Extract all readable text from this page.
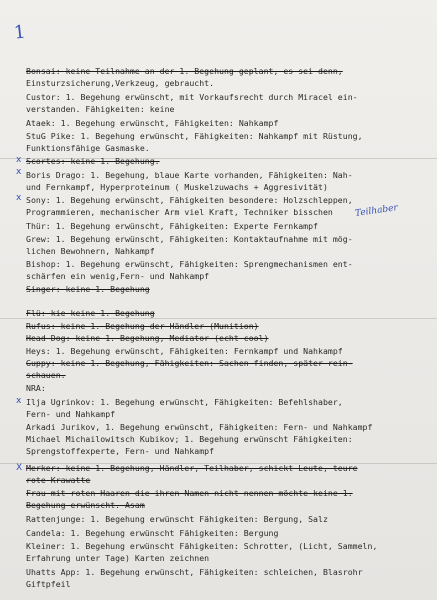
1
Teilhaber
x
x
x
x
X
Bonsai: keine Teilnahme an der 1. Begehung geplant, es sei denn,
Einsturzsicherung,Verkzeug, gebraucht.
Custor: 1. Begehung erwünscht, mit Vorkaufsrecht durch Miracel ein-
verstanden. Fähigkeiten: keine
Ataek: 1. Begehung erwünscht, Fähigkeiten: Nahkampf
StuG Pike: 1. Begehung erwünscht, Fähigkeiten: Nahkampf mit Rüstung,
Funktionsfähige Gasmaske.
Scortes: keine 1. Begehung.
Boris Drago: 1. Begehung, blaue Karte vorhanden, Fähigkeiten: Nah-
und Fernkampf, Hyperproteinum ( Muskelzuwachs + Aggresivität)
Sony: 1. Begehung erwünscht, Fähigkeiten besondere: Holzschleppen,
Programmieren, mechanischer Arm viel Kraft, Techniker bisschen
Thür: 1. Begehung erwünscht, Fähigkeiten: Experte Fernkampf
Grew: 1. Begehung erwünscht, Fähigkeiten: Kontaktaufnahme mit mög-
lichen Bewohnern, Nahkampf
Bishop: 1. Begehung erwünscht, Fähigkeiten: Sprengmechanismen ent-
schärfen ein wenig,Fern- und Nahkampf
Singer: keine 1. Begehung
Flü: kie keine 1. Begehung
Rufus: keine 1. Begehung der Händler (Munition)
Head Dog: keine 1. Begehung, Mediator (echt cool)
Heys: 1. Begehung erwünscht, Fähigkeiten: Fernkampf und Nahkampf
Guppy: keine 1. Begehung, Fähigkeiten: Sachen finden, später rein-
schauen.
NRA:
Ilja Ugrinkov: 1. Begehung erwünscht, Fähigkeiten: Befehlshaber,
Fern- und Nahkampf
Arkadi Jurikov, 1. Begehung erwünscht, Fähigkeiten: Fern- und Nahkampf
Michael Michailowitsch Kubikov; 1. Begehung erwünscht Fähigkeiten:
Sprengstoffexperte, Fern- und Nahkampf
Merker: keine 1. Begehung, Händler, Teilhaber, schickt Leute, teure
rote Krawatte
Frau mit roten Haaren die ihren Namen nicht nennen möchte keine 1.
Begehung erwünscht. Asam
Rattenjunge: 1. Begehung erwünscht Fähigkeiten: Bergung, Salz
Candela: 1. Begehung erwünscht Fähigkeiten: Bergung
Kleiner: 1. Begehung erwünscht Fähigkeiten: Schrotter, (Licht, Sammeln,
Erfahrung unter Tage) Karten zeichnen
Uhatts App: 1. Begehung erwünscht, Fähigkeiten: schleichen, Blasrohr
Giftpfeil
